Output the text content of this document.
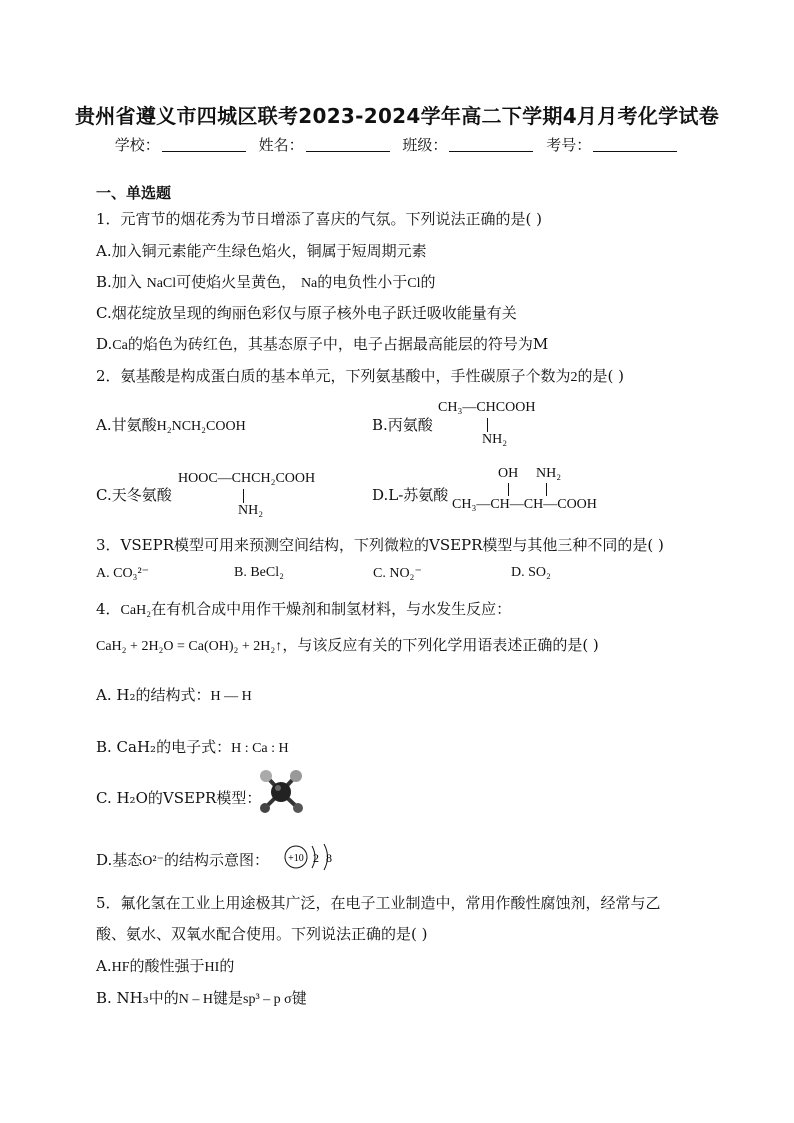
贵州省遵义市四城区联考2023-2024学年高二下学期4月月考化学试卷
学校：	姓名：	班级：	考号：
一、单选题
1．元宵节的烟花秀为节日增添了喜庆的气氛。下列说法正确的是( )
A.加入铜元素能产生绿色焰火，铜属于短周期元素
B.加入 NaCl可使焰火呈黄色， Na的电负性小于Cl的
C.烟花绽放呈现的绚丽色彩仅与原子核外电子跃迁吸收能量有关
D.Ca的焰色为砖红色，其基态原子中，电子占据最高能层的符号为M
2．氨基酸是构成蛋白质的基本单元，下列氨基酸中，手性碳原子个数为2的是( )
A.甘氨酸H₂NCH₂COOH	B.丙氨酸
CH₃—CHCOOH
NH₂
C.天冬氨酸
HOOC—CHCH₂COOH
NH₂
D.L-苏氨酸
OH NH₂
CH₃—CH—CH—COOH
3．VSEPR模型可用来预测空间结构，下列微粒的VSEPR模型与其他三种不同的是( )
A. CO₃²⁻	B. BeCl₂	C. NO₂⁻	D. SO₂
4．CaH₂在有机合成中用作干燥剂和制氢材料，与水发生反应：
CaH₂ + 2H₂O = Ca(OH)₂ + 2H₂↑，与该反应有关的下列化学用语表述正确的是( )
A. H₂的结构式：H — H
B. CaH₂的电子式：H : Ca : H
C. H₂O的VSEPR模型：
D.基态O²⁻的结构示意图： +10 2 8
5．氟化氢在工业上用途极其广泛，在电子工业制造中，常用作酸性腐蚀剂，经常与乙
酸、氨水、双氧水配合使用。下列说法正确的是( )
A.HF的酸性强于HI的
B. NH₃中的N – H键是sp³ – p σ键
